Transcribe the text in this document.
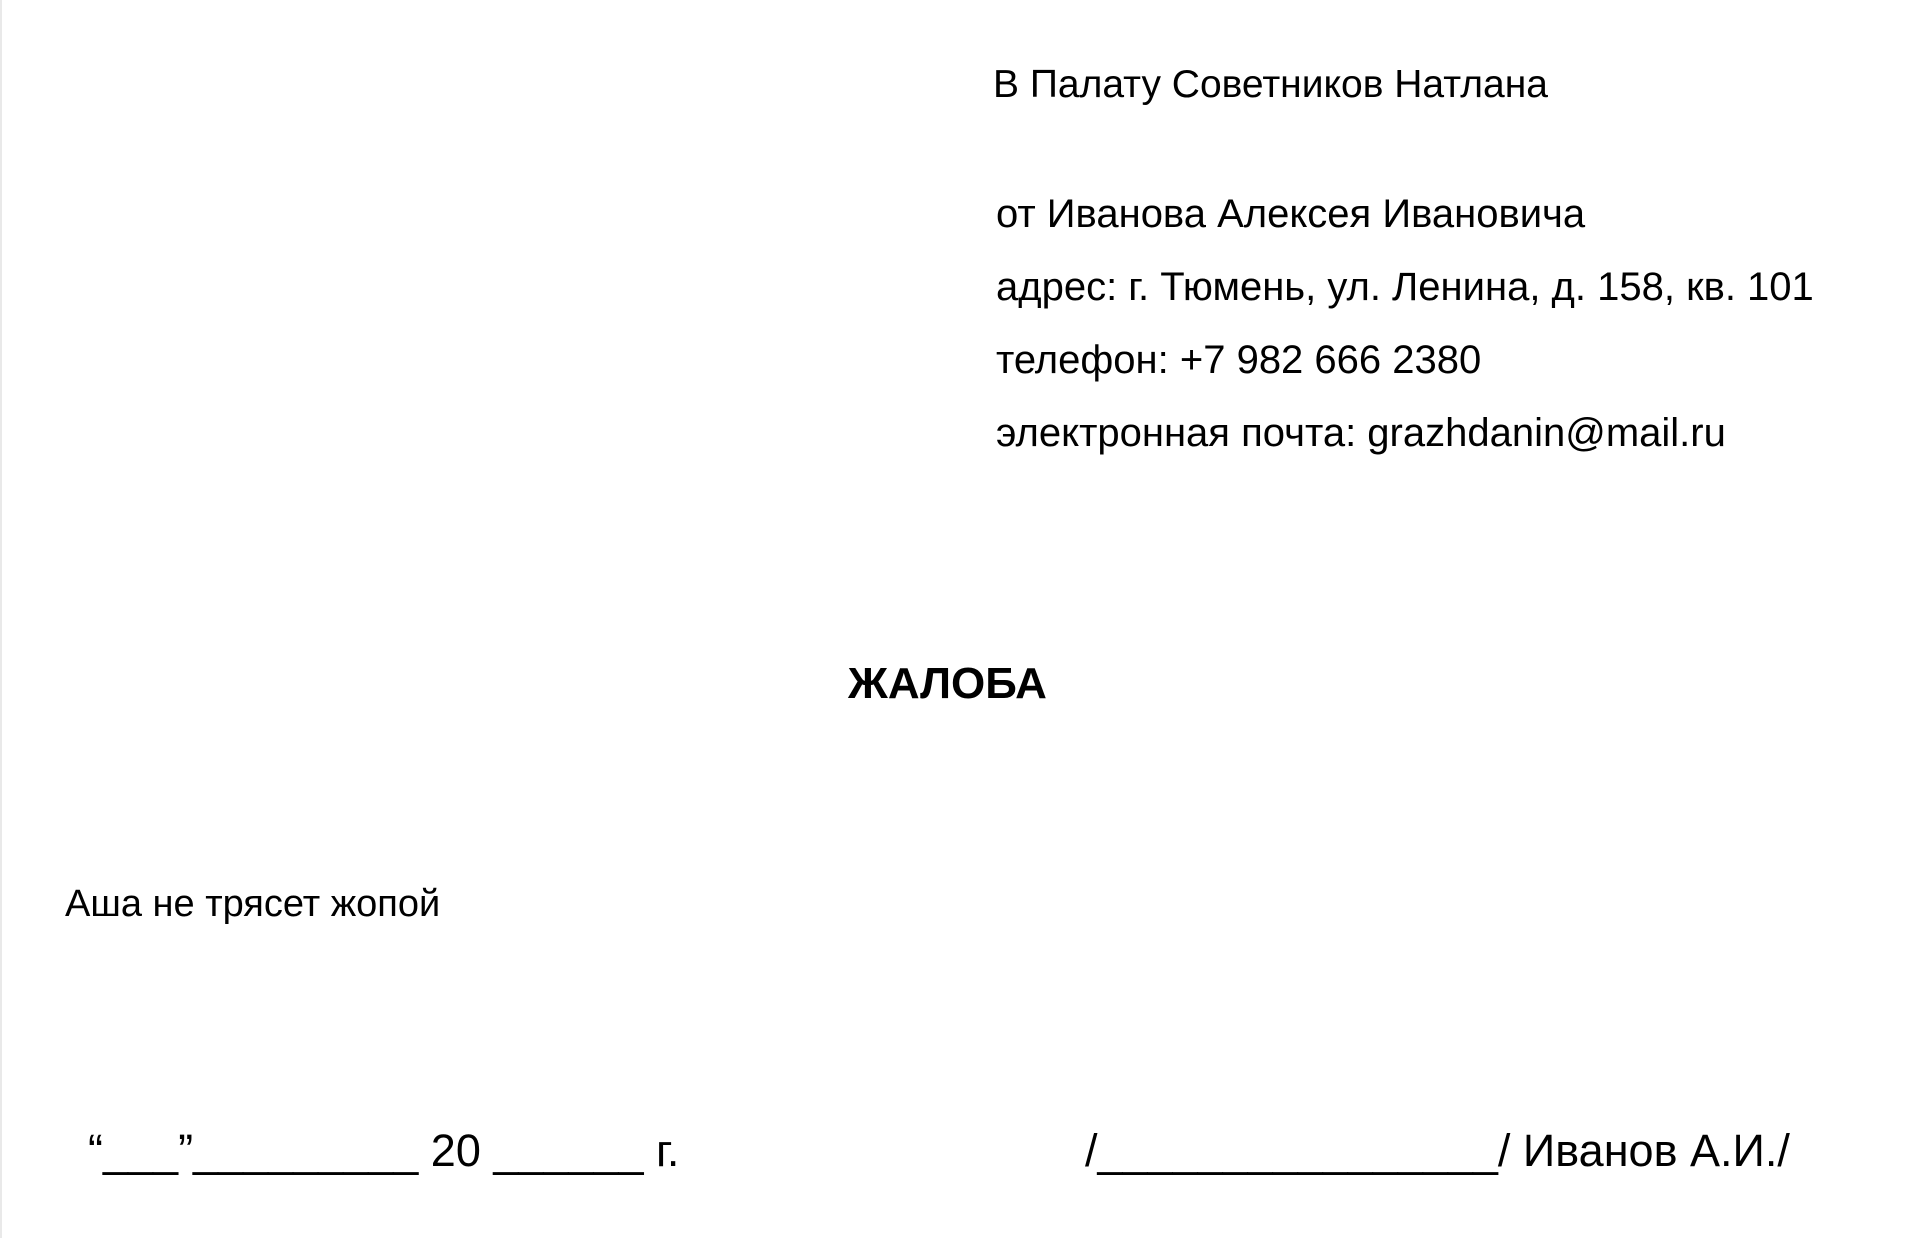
В Палату Советников Натлана
от Иванова Алексея Ивановича
адрес: г. Тюмень, ул. Ленина, д. 158, кв. 101
телефон: +7 982 666 2380
электронная почта: grazhdanin@mail.ru
ЖАЛОБА
Аша не трясет жопой
“___”_________ 20 ______ г.	/________________/ Иванов А.И./
